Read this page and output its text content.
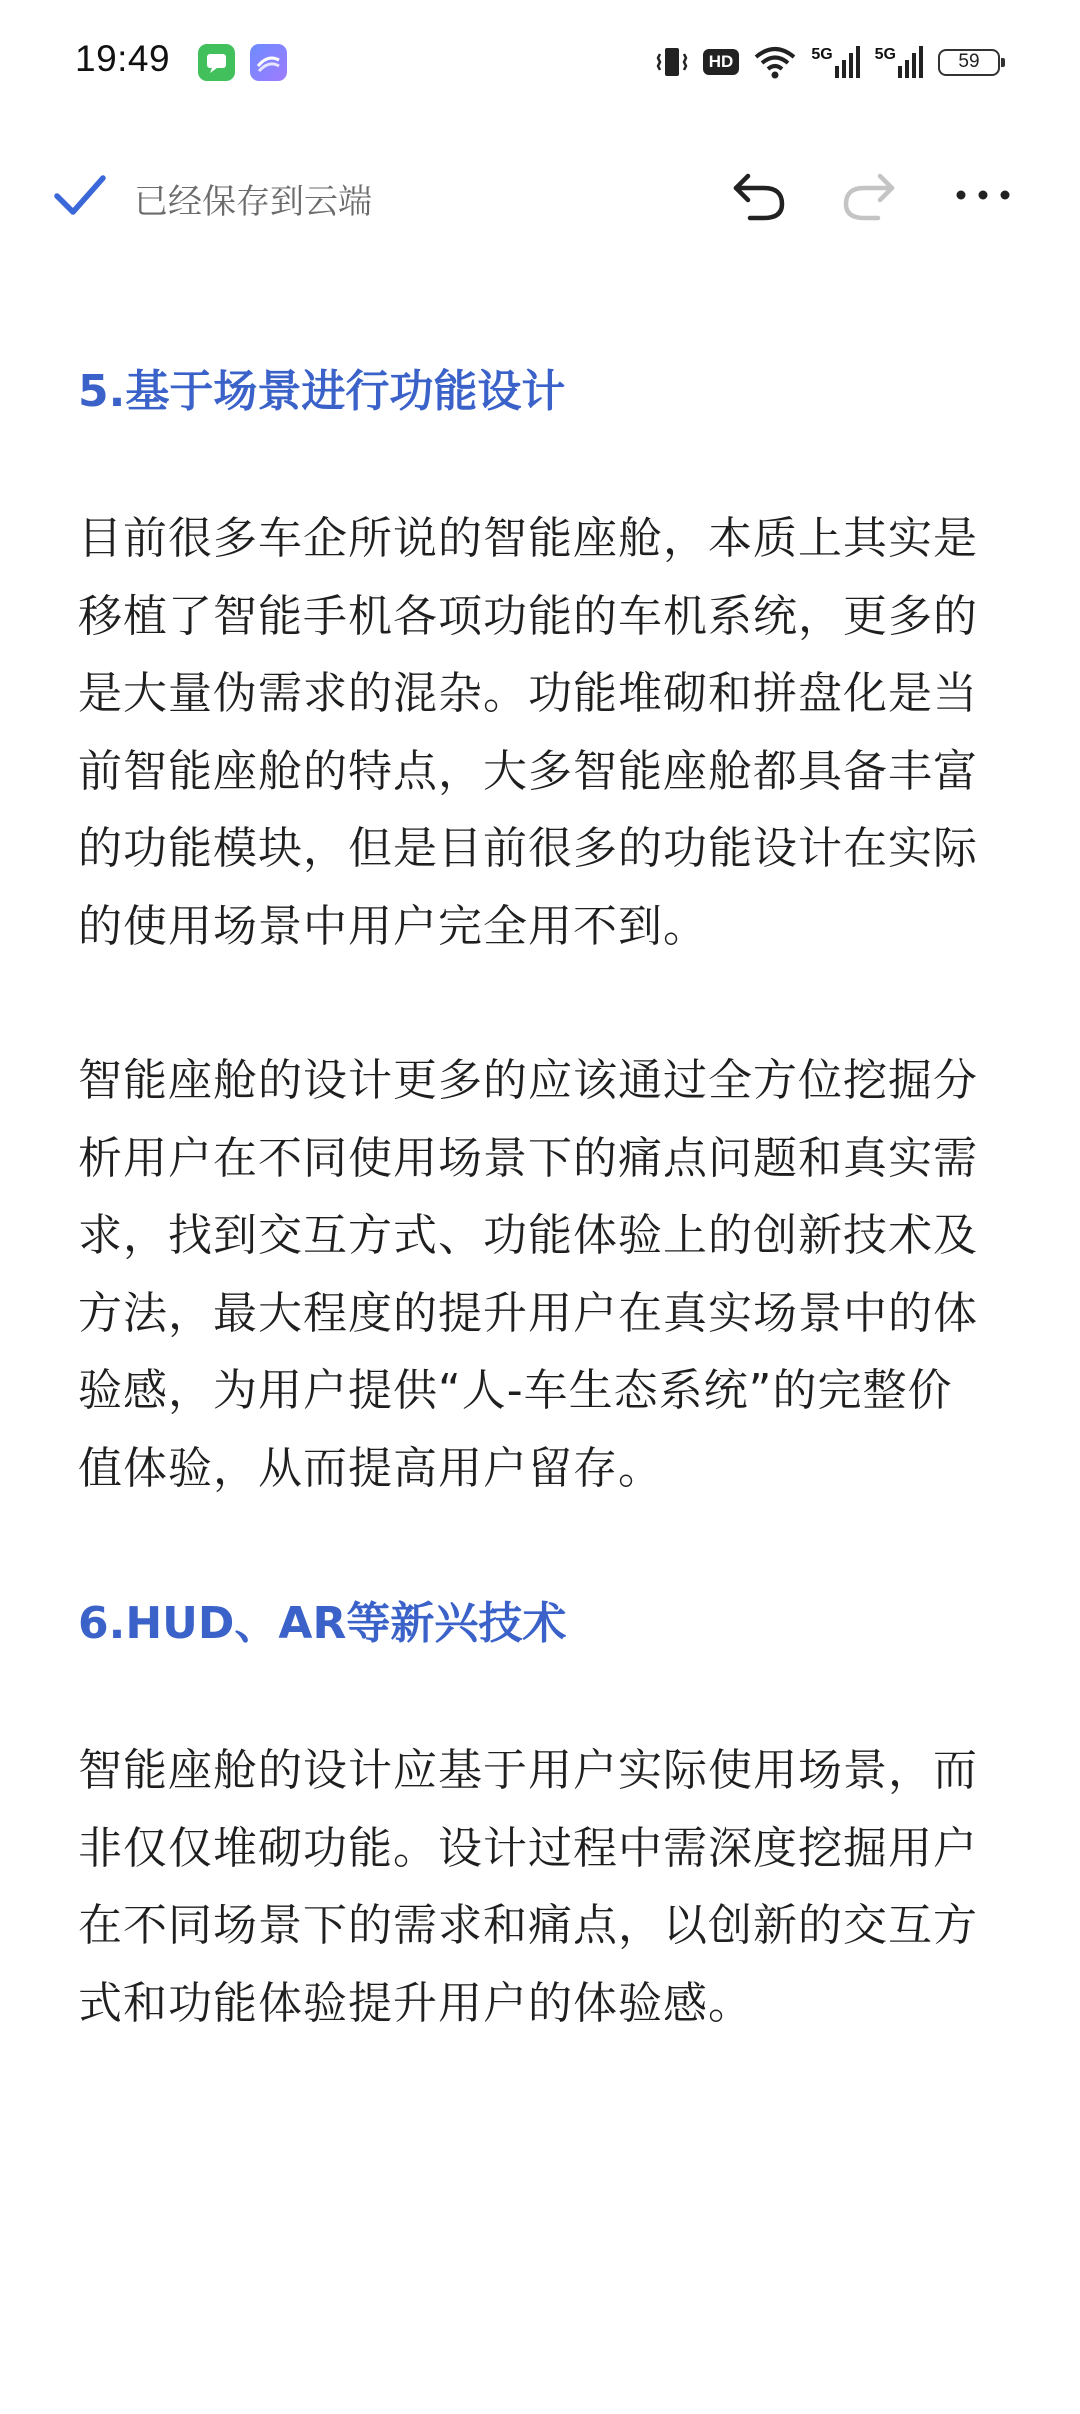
19:49	HD	5G	5G	59
已经保存到云端
5.基于场景进行功能设计

目前很多车企所说的智能座舱，本质上其实是移植了智能手机各项功能的车机系统，更多的是大量伪需求的混杂。功能堆砌和拼盘化是当前智能座舱的特点，大多智能座舱都具备丰富的功能模块，但是目前很多的功能设计在实际的使用场景中用户完全用不到。

智能座舱的设计更多的应该通过全方位挖掘分析用户在不同使用场景下的痛点问题和真实需求，找到交互方式、功能体验上的创新技术及方法，最大程度的提升用户在真实场景中的体验感，为用户提供“人-车生态系统”的完整价值体验，从而提高用户留存。

6.HUD、AR等新兴技术

智能座舱的设计应基于用户实际使用场景，而非仅仅堆砌功能。设计过程中需深度挖掘用户在不同场景下的需求和痛点，以创新的交互方式和功能体验提升用户的体验感。
